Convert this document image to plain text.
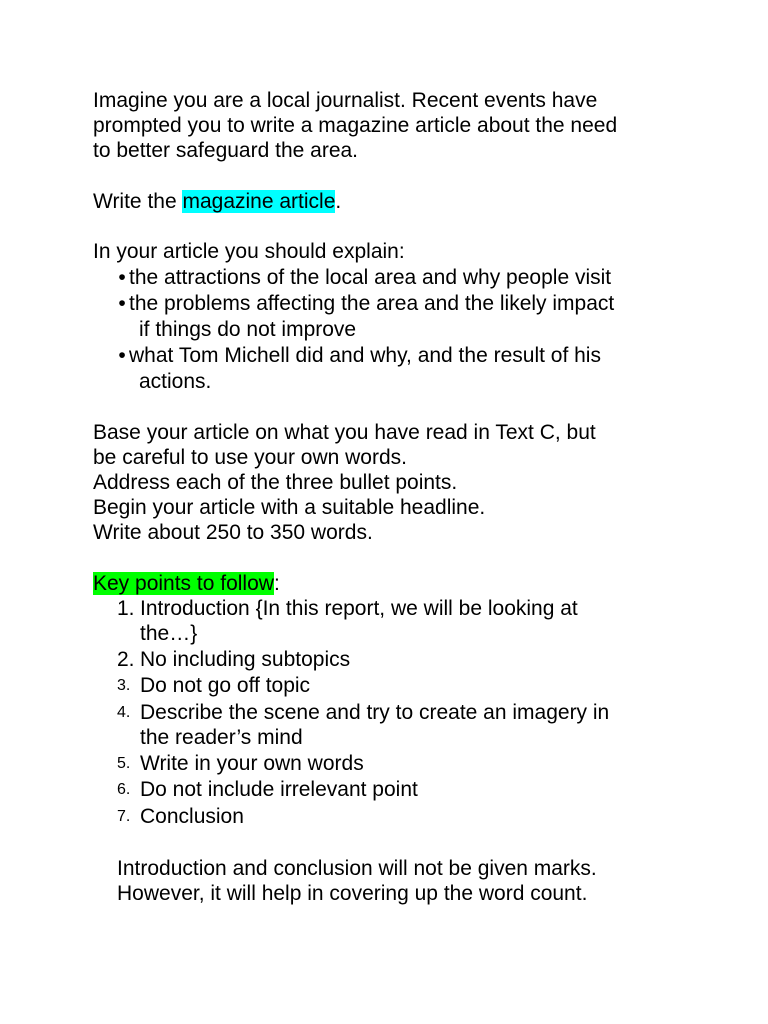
Imagine you are a local journalist. Recent events have
prompted you to write a magazine article about the need
to better safeguard the area.
Write the magazine article.
In your article you should explain:
• the attractions of the local area and why people visit
• the problems affecting the area and the likely impact
if things do not improve
• what Tom Michell did and why, and the result of his
actions.
Base your article on what you have read in Text C, but
be careful to use your own words.
Address each of the three bullet points.
Begin your article with a suitable headline.
Write about 250 to 350 words.
Key points to follow:
1. Introduction {In this report, we will be looking at
the…}
2. No including subtopics
3. Do not go off topic
4. Describe the scene and try to create an imagery in
the reader’s mind
5. Write in your own words
6. Do not include irrelevant point
7. Conclusion
Introduction and conclusion will not be given marks.
However, it will help in covering up the word count.
